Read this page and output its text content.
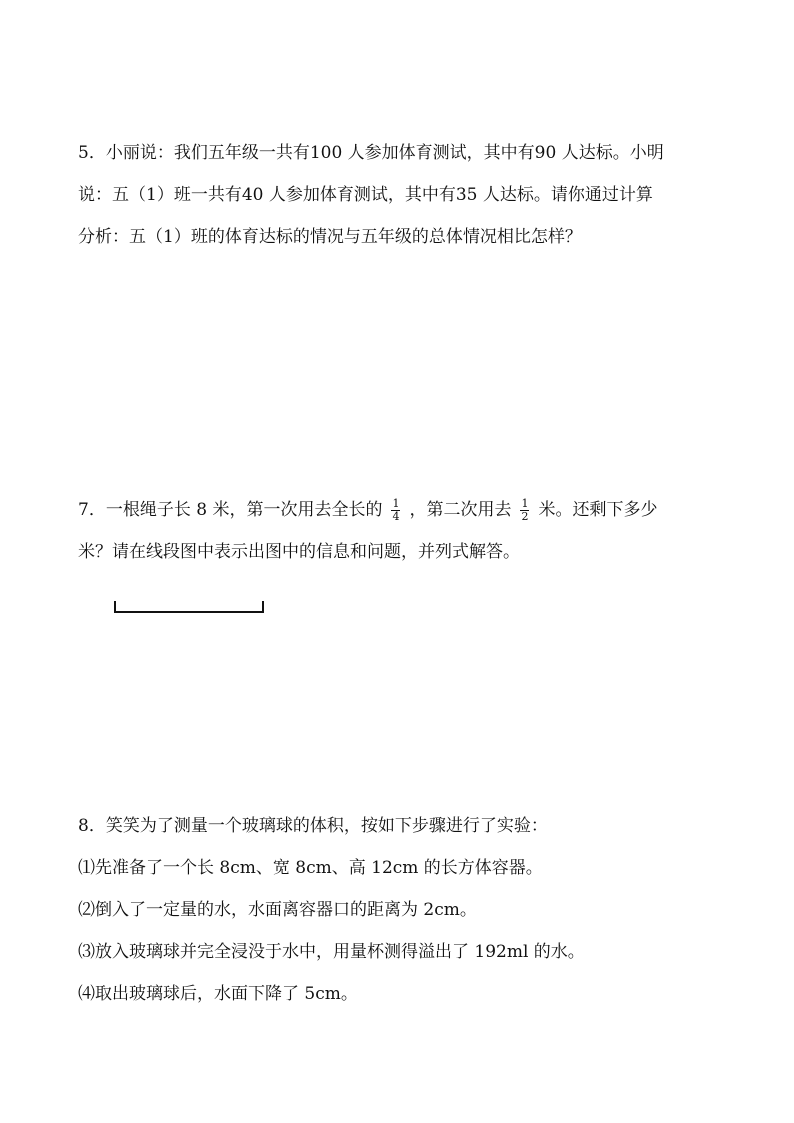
5．小丽说：我们五年级一共有100 人参加体育测试，其中有90 人达标。小明
说：五（1）班一共有40 人参加体育测试，其中有35 人达标。请你通过计算
分析：五（1）班的体育达标的情况与五年级的总体情况相比怎样？
7．一根绳子长 8 米，第一次用去全长的 $\frac{1}{4}$ ，第二次用去 $\frac{1}{2}$ 米。还剩下多少
米？请在线段图中表示出图中的信息和问题，并列式解答。
8．笑笑为了测量一个玻璃球的体积，按如下步骤进行了实验：
⑴先准备了一个长 8cm、宽 8cm、高 12cm 的长方体容器。
⑵倒入了一定量的水，水面离容器口的距离为 2cm。
⑶放入玻璃球并完全浸没于水中，用量杯测得溢出了 192ml 的水。
⑷取出玻璃球后，水面下降了 5cm。
